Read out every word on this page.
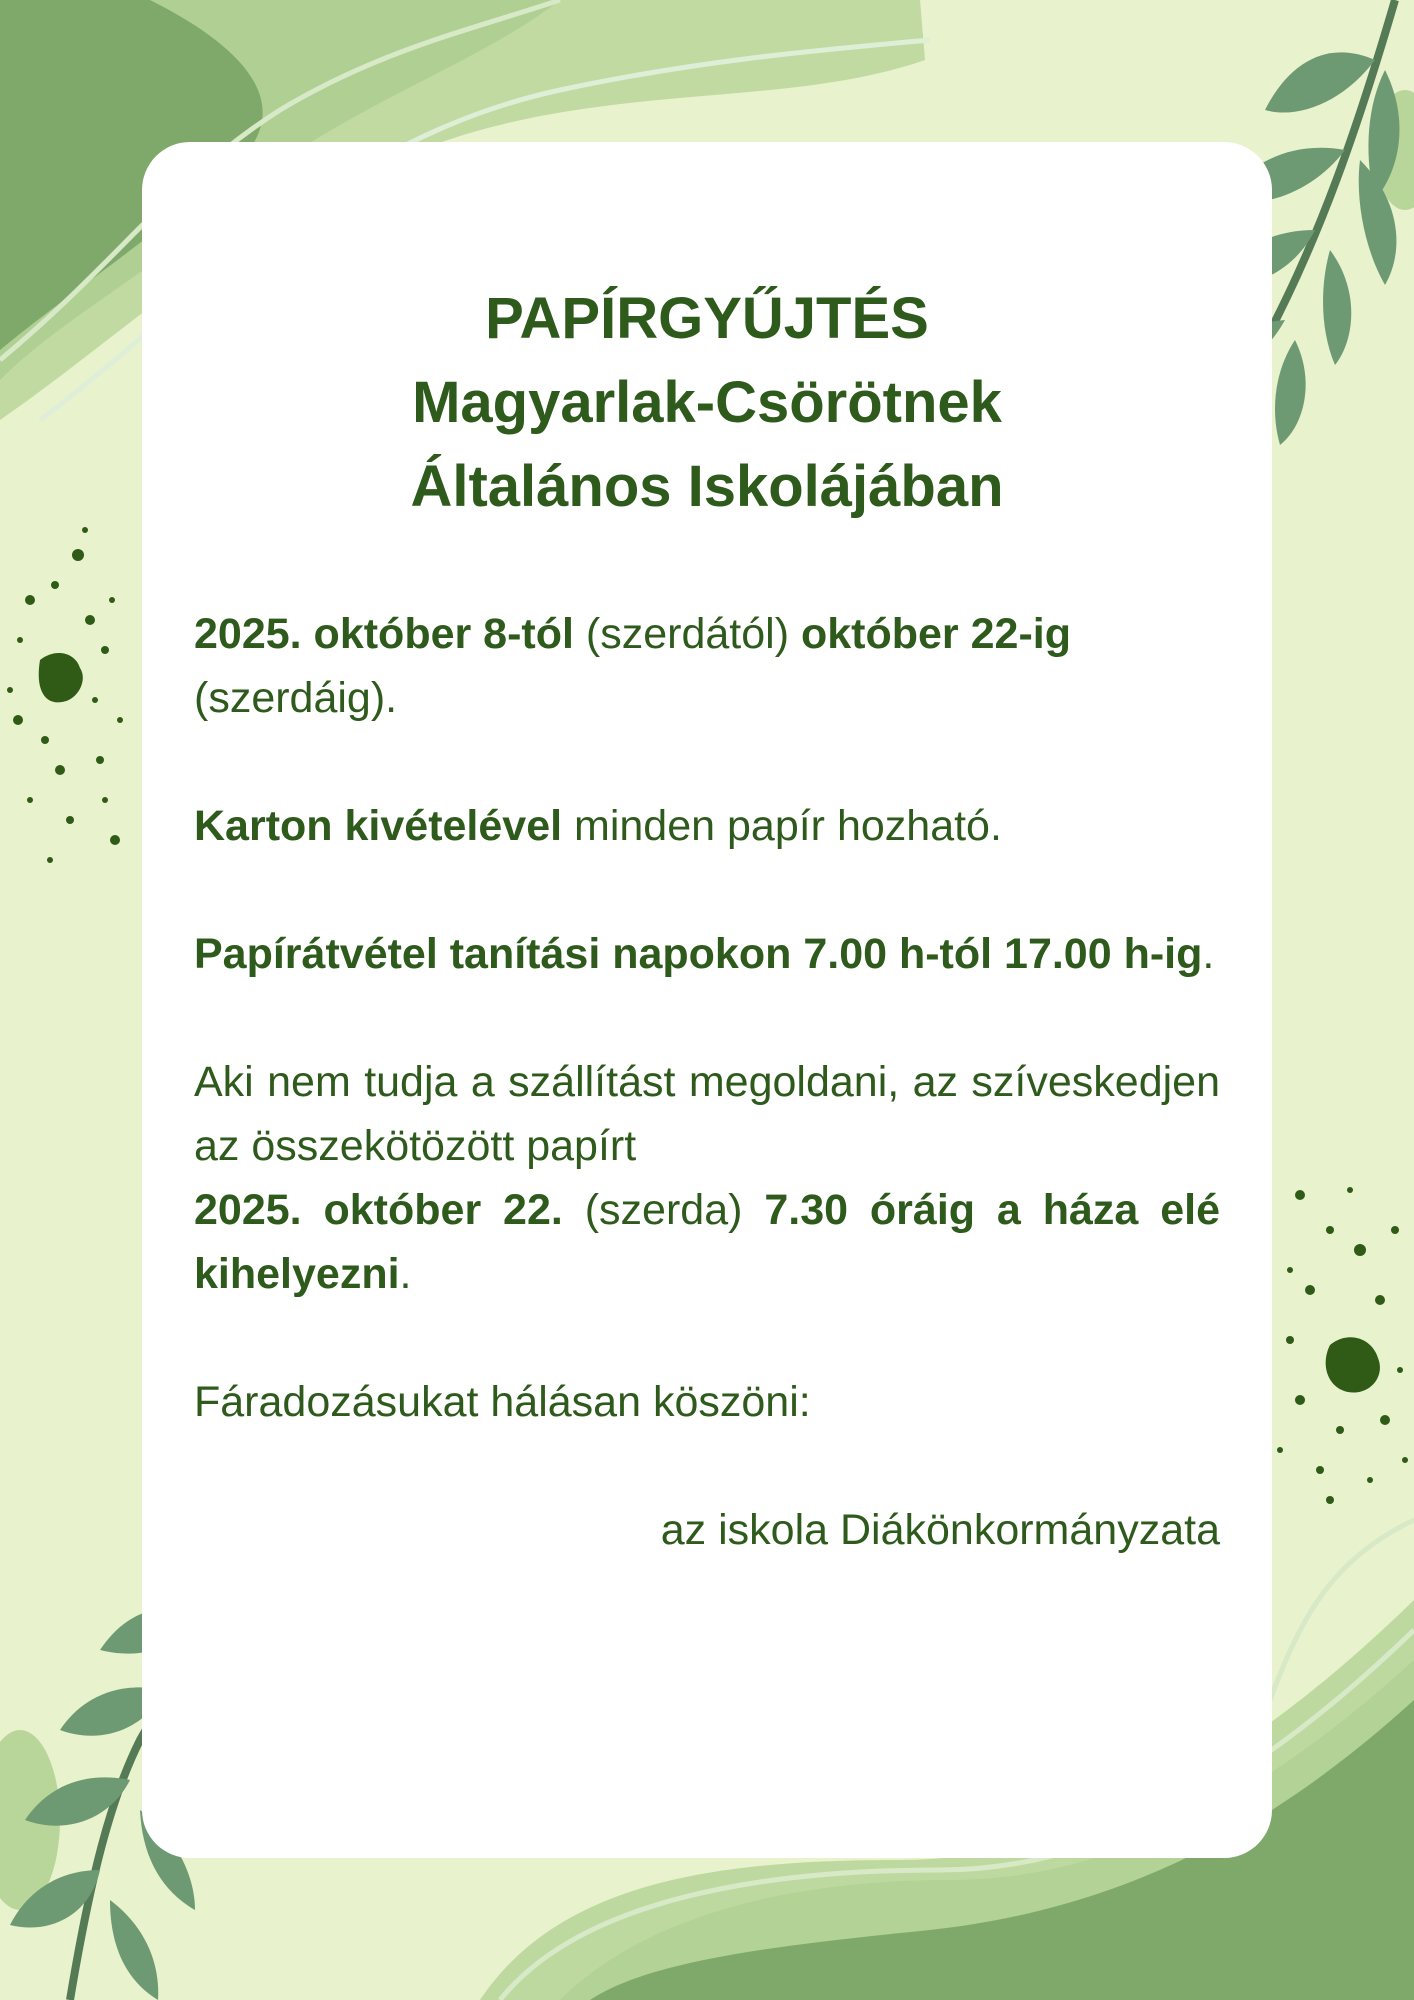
PAPÍRGYŰJTÉS
Magyarlak-Csörötnek
Általános Iskolájában

2025. október 8-tól (szerdától) október 22-ig (szerdáig).

Karton kivételével minden papír hozható.

Papírátvétel tanítási napokon 7.00 h-tól 17.00 h-ig.

Aki nem tudja a szállítást megoldani, az szíveskedjen az összekötözött papírt
2025. október 22. (szerda) 7.30 óráig a háza elé kihelyezni.

Fáradozásukat hálásan köszöni:

az iskola Diákönkormányzata
